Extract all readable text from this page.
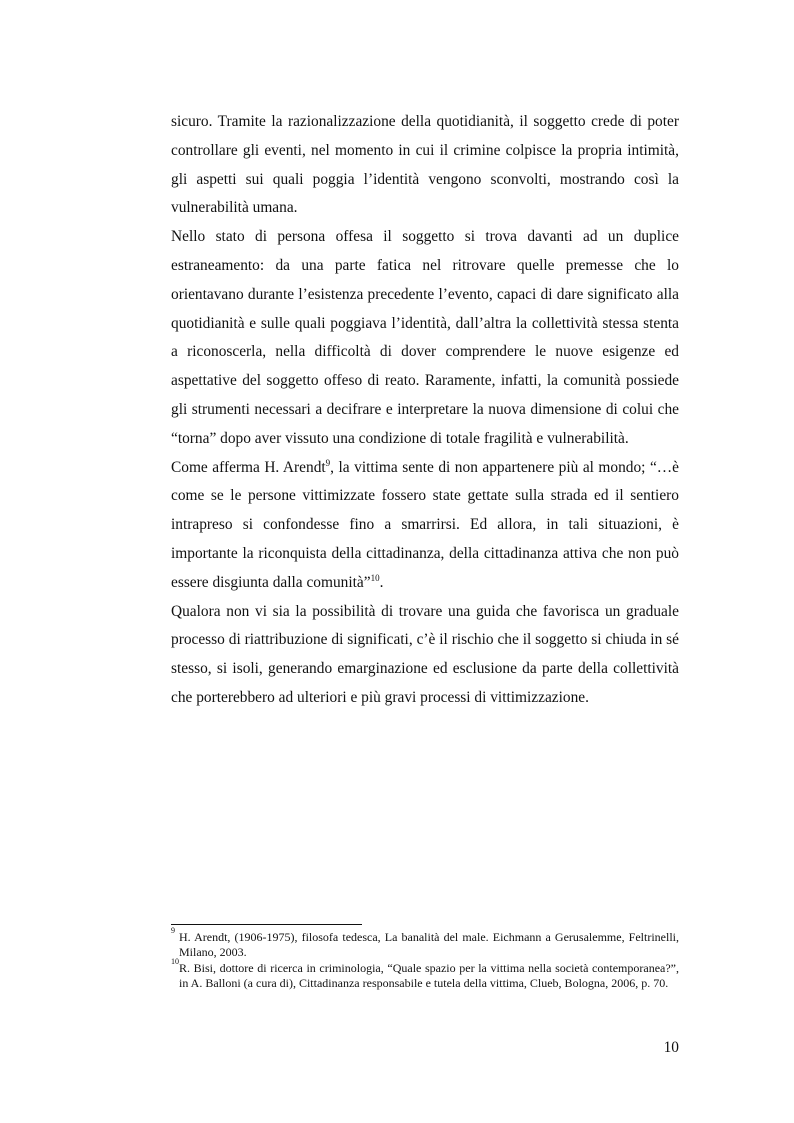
sicuro. Tramite la razionalizzazione della quotidianità, il soggetto crede di poter controllare gli eventi, nel momento in cui il crimine colpisce la propria intimità, gli aspetti sui quali poggia l’identità vengono sconvolti, mostrando così la vulnerabilità umana.

Nello stato di persona offesa il soggetto si trova davanti ad un duplice estraneamento: da una parte fatica nel ritrovare quelle premesse che lo orientavano durante l’esistenza precedente l’evento, capaci di dare significato alla quotidianità e sulle quali poggiava l’identità, dall’altra la collettività stessa stenta a riconoscerla, nella difficoltà di dover comprendere le nuove esigenze ed aspettative del soggetto offeso di reato. Raramente, infatti, la comunità possiede gli strumenti necessari a decifrare e interpretare la nuova dimensione di colui che “torna” dopo aver vissuto una condizione di totale fragilità e vulnerabilità.

Come afferma H. Arendt$^9$, la vittima sente di non appartenere più al mondo; “…è come se le persone vittimizzate fossero state gettate sulla strada ed il sentiero intrapreso si confondesse fino a smarrirsi. Ed allora, in tali situazioni, è importante la riconquista della cittadinanza, della cittadinanza attiva che non può essere disgiunta dalla comunità”$^{10}$.

Qualora non vi sia la possibilità di trovare una guida che favorisca un graduale processo di riattribuzione di significati, c’è il rischio che il soggetto si chiuda in sé stesso, si isoli, generando emarginazione ed esclusione da parte della collettività che porterebbero ad ulteriori e più gravi processi di vittimizzazione.

9 H. Arendt, (1906-1975), filosofa tedesca, La banalità del male. Eichmann a Gerusalemme, Feltrinelli, Milano, 2003.

10 R. Bisi, dottore di ricerca in criminologia, “Quale spazio per la vittima nella società contemporanea?”, in A. Balloni (a cura di), Cittadinanza responsabile e tutela della vittima, Clueb, Bologna, 2006, p. 70.

10
